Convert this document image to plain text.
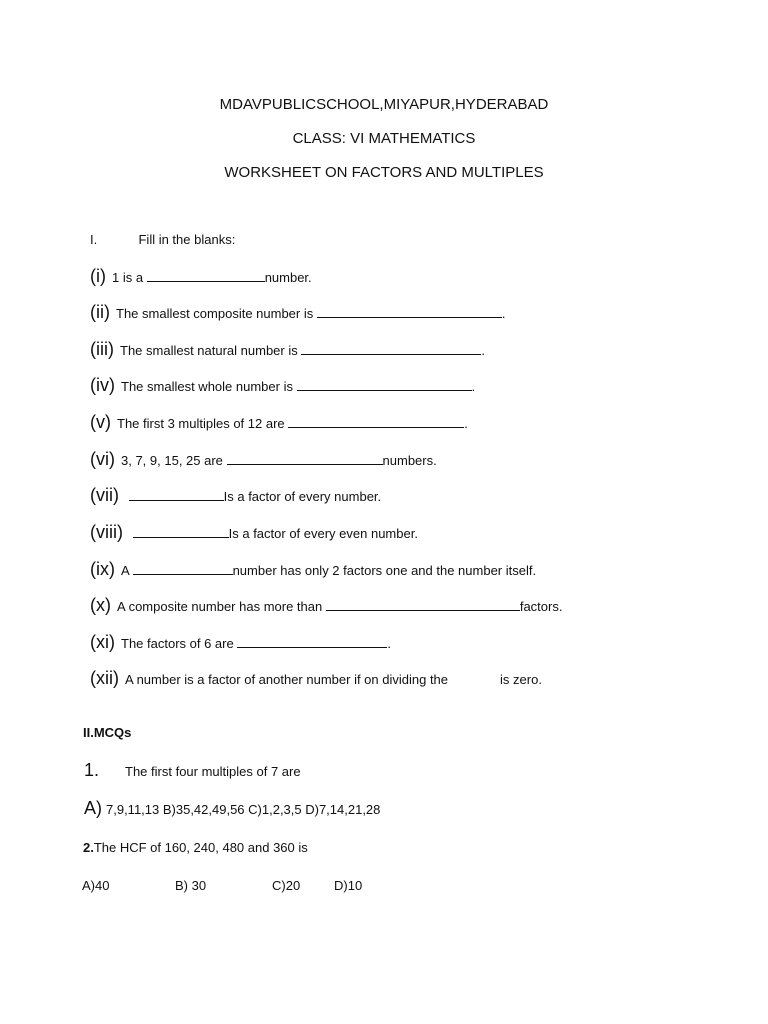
MDAVPUBLICSCHOOL,MIYAPUR,HYDERABAD
CLASS: VI MATHEMATICS
WORKSHEET ON FACTORS AND MULTIPLES
I.	Fill in the blanks:
(i) 1 is a	number.
(ii) The smallest composite number is	.
(iii) The smallest natural number is	.
(iv) The smallest whole number is	.
(v) The first 3 multiples of 12 are	.
(vi) 3, 7, 9, 15, 25 are	numbers.
(vii)	Is a factor of every number.
(viii)	Is a factor of every even number.
(ix) A	number has only 2 factors one and the number itself.
(x) A composite number has more than	factors.
(xi) The factors of 6 are	.
(xii) A number is a factor of another number if on dividing the	is zero.
II.MCQs
1. The first four multiples of 7 are
A) 7,9,11,13 B)35,42,49,56 C)1,2,3,5 D)7,14,21,28
2.The HCF of 160, 240, 480 and 360 is
A)40	B) 30	C)20	D)10
